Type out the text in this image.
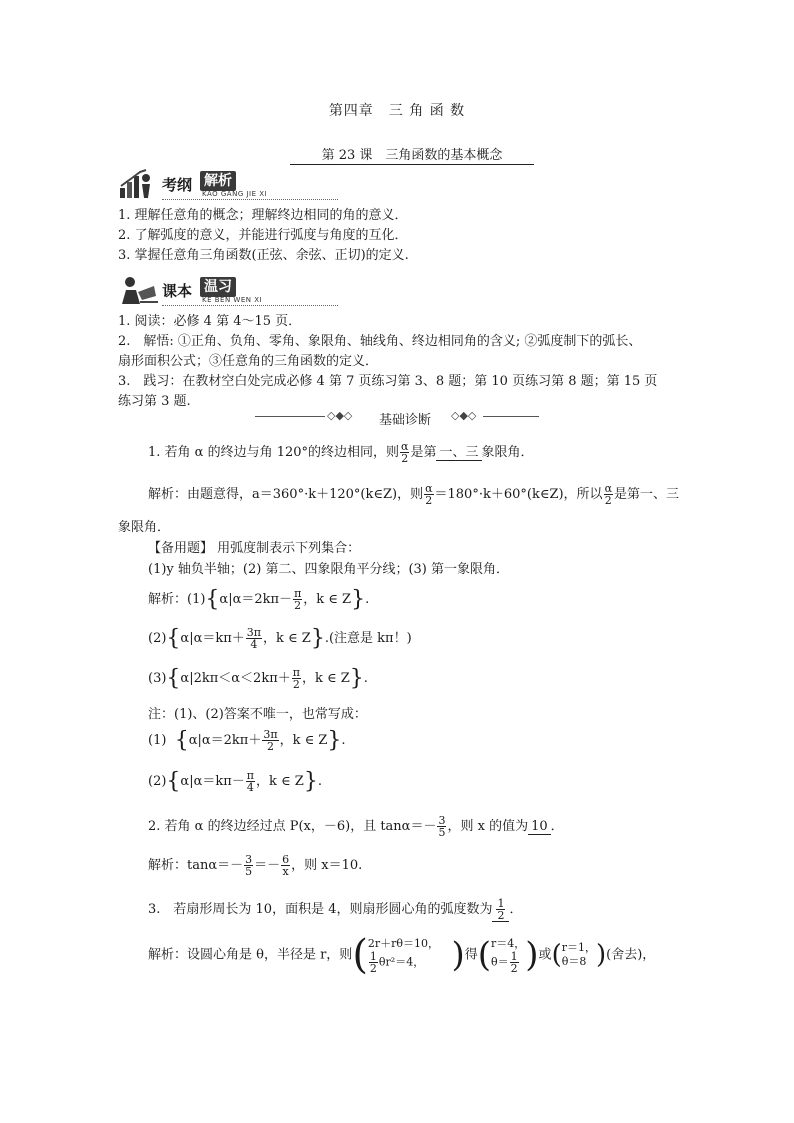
第四章　三 角 函 数
第 23 课　三角函数的基本概念
考纲 解析
KAO GANG JIE XI
1. 理解任意角的概念；理解终边相同的角的意义．
2. 了解弧度的意义，并能进行弧度与角度的互化．
3. 掌握任意角三角函数(正弦、余弦、正切)的定义.
课本 温习
KE BEN WEN XI
1. 阅读：必修 4 第 4～15 页．
2.　解悟: ①正角、负角、零角、象限角、轴线角、终边相同角的含义; ②弧度制下的弧长、
扇形面积公式；③任意角的三角函数的定义．
3.　践习：在教材空白处完成必修 4 第 7 页练习第 3、8 题；第 10 页练习第 8 题；第 15 页
练习第 3 题.
◇◆◇ 基础诊断 ◇◆◇
1. 若角 α 的终边与角 120°的终边相同，则 $\frac{\alpha}{2}$ 是第 一、三 象限角．
解析：由题意得，a＝360°·k＋120°(k∈Z)，则 $\frac{\alpha}{2}$ ＝180°·k＋60°(k∈Z)，所以 $\frac{\alpha}{2}$ 是第一、三
象限角．
【备用题】 用弧度制表示下列集合：
(1)y 轴负半轴；(2) 第二、四象限角平分线；(3) 第一象限角．
解析：$(1)\{\alpha|\alpha=2k\pi- \frac{\pi}{2}$ ，k ∈ Z}.
$(2)\{\alpha|\alpha=k\pi+ \frac{3\pi}{4}$ ，k ∈ Z}.(注意是 kπ！)
$(3)\{\alpha|2k\pi<\alpha<2k\pi+ \frac{\pi}{2}$ ，k ∈ Z}.
注：(1)、(2)答案不唯一，也常写成：
(1) {$\alpha|\alpha=2k\pi+ \frac{3\pi}{2}$ ，k ∈ Z}.
$(2)\{\alpha|\alpha=k\pi- \frac{\pi}{4}$ ，k ∈ Z}.
2. 若角 α 的终边经过点 P(x，－6)，且 $\tan\alpha=- \frac{3}{5}$ ，则 x 的值为 10 ．
解析：$\tan\alpha=- \frac{3}{5} =- \frac{6}{x}$ ，则 x＝10.
3.　若扇形周长为 10，面积是 4，则扇形圆心角的弧度数为 $\frac{1}{2}$ ．
解析：设圆心角是 θ，半径是 r，则( 2r＋rθ＝10，
$\frac{1}{2} \theta r^2=4$， )得( r＝4，
$\theta= \frac{1}{2}$ )或( r＝1，
θ＝8 )(舍去)，
